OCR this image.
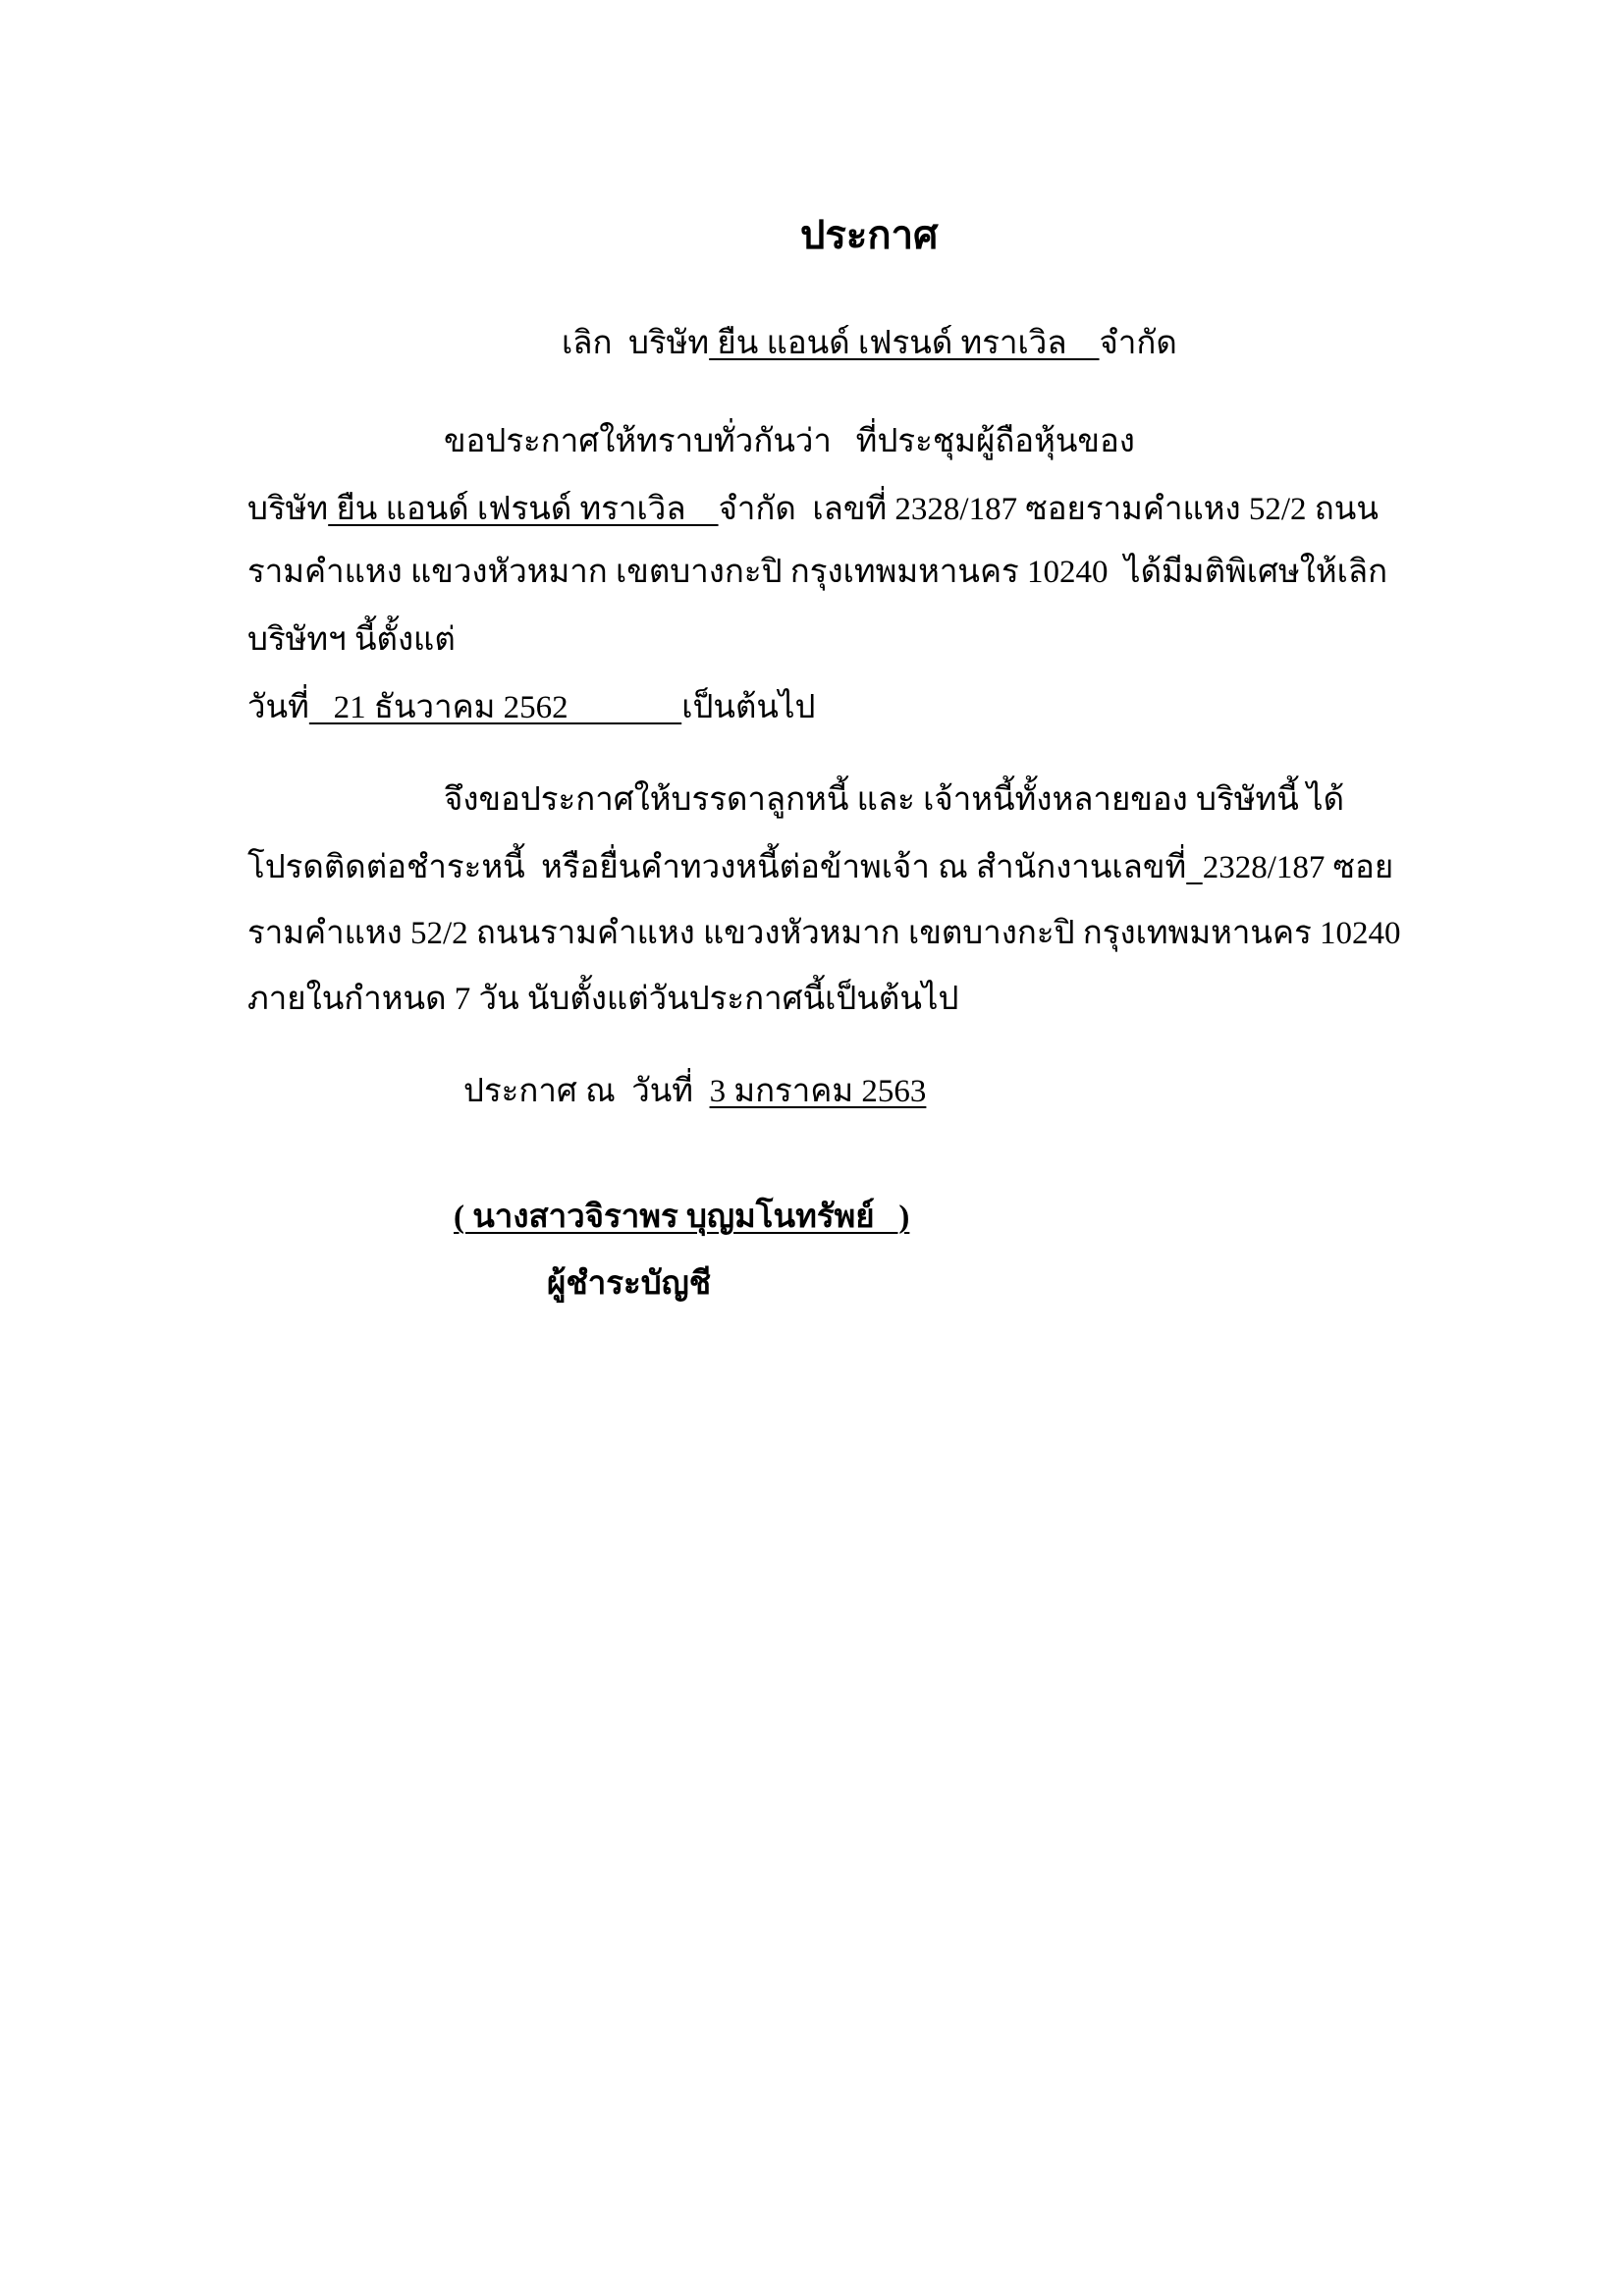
ประกาศ
เลิก  บริษัท ยืน แอนด์ เฟรนด์ ทราเวิล    จำกัด
ขอประกาศให้ทราบทั่วกันว่า   ที่ประชุมผู้ถือหุ้นของ
บริษัท ยืน แอนด์ เฟรนด์ ทราเวิล    จำกัด  เลขที่ 2328/187 ซอยรามคำแหง 52/2 ถนน
รามคำแหง แขวงหัวหมาก เขตบางกะปิ กรุงเทพมหานคร 10240  ได้มีมติพิเศษให้เลิก
บริษัทฯ นี้ตั้งแต่
วันที่   21 ธันวาคม 2562              เป็นต้นไป
จึงขอประกาศให้บรรดาลูกหนี้ และ เจ้าหนี้ทั้งหลายของ บริษัทนี้ ได้
โปรดติดต่อชำระหนี้  หรือยื่นคำทวงหนี้ต่อข้าพเจ้า ณ สำนักงานเลขที่ 2328/187 ซอย
รามคำแหง 52/2 ถนนรามคำแหง แขวงหัวหมาก เขตบางกะปิ กรุงเทพมหานคร 10240
ภายในกำหนด 7 วัน นับตั้งแต่วันประกาศนี้เป็นต้นไป
ประกาศ ณ  วันที่  3 มกราคม 2563
( นางสาวจิราพร บุญมโนทรัพย์   )
ผู้ชำระบัญชี
